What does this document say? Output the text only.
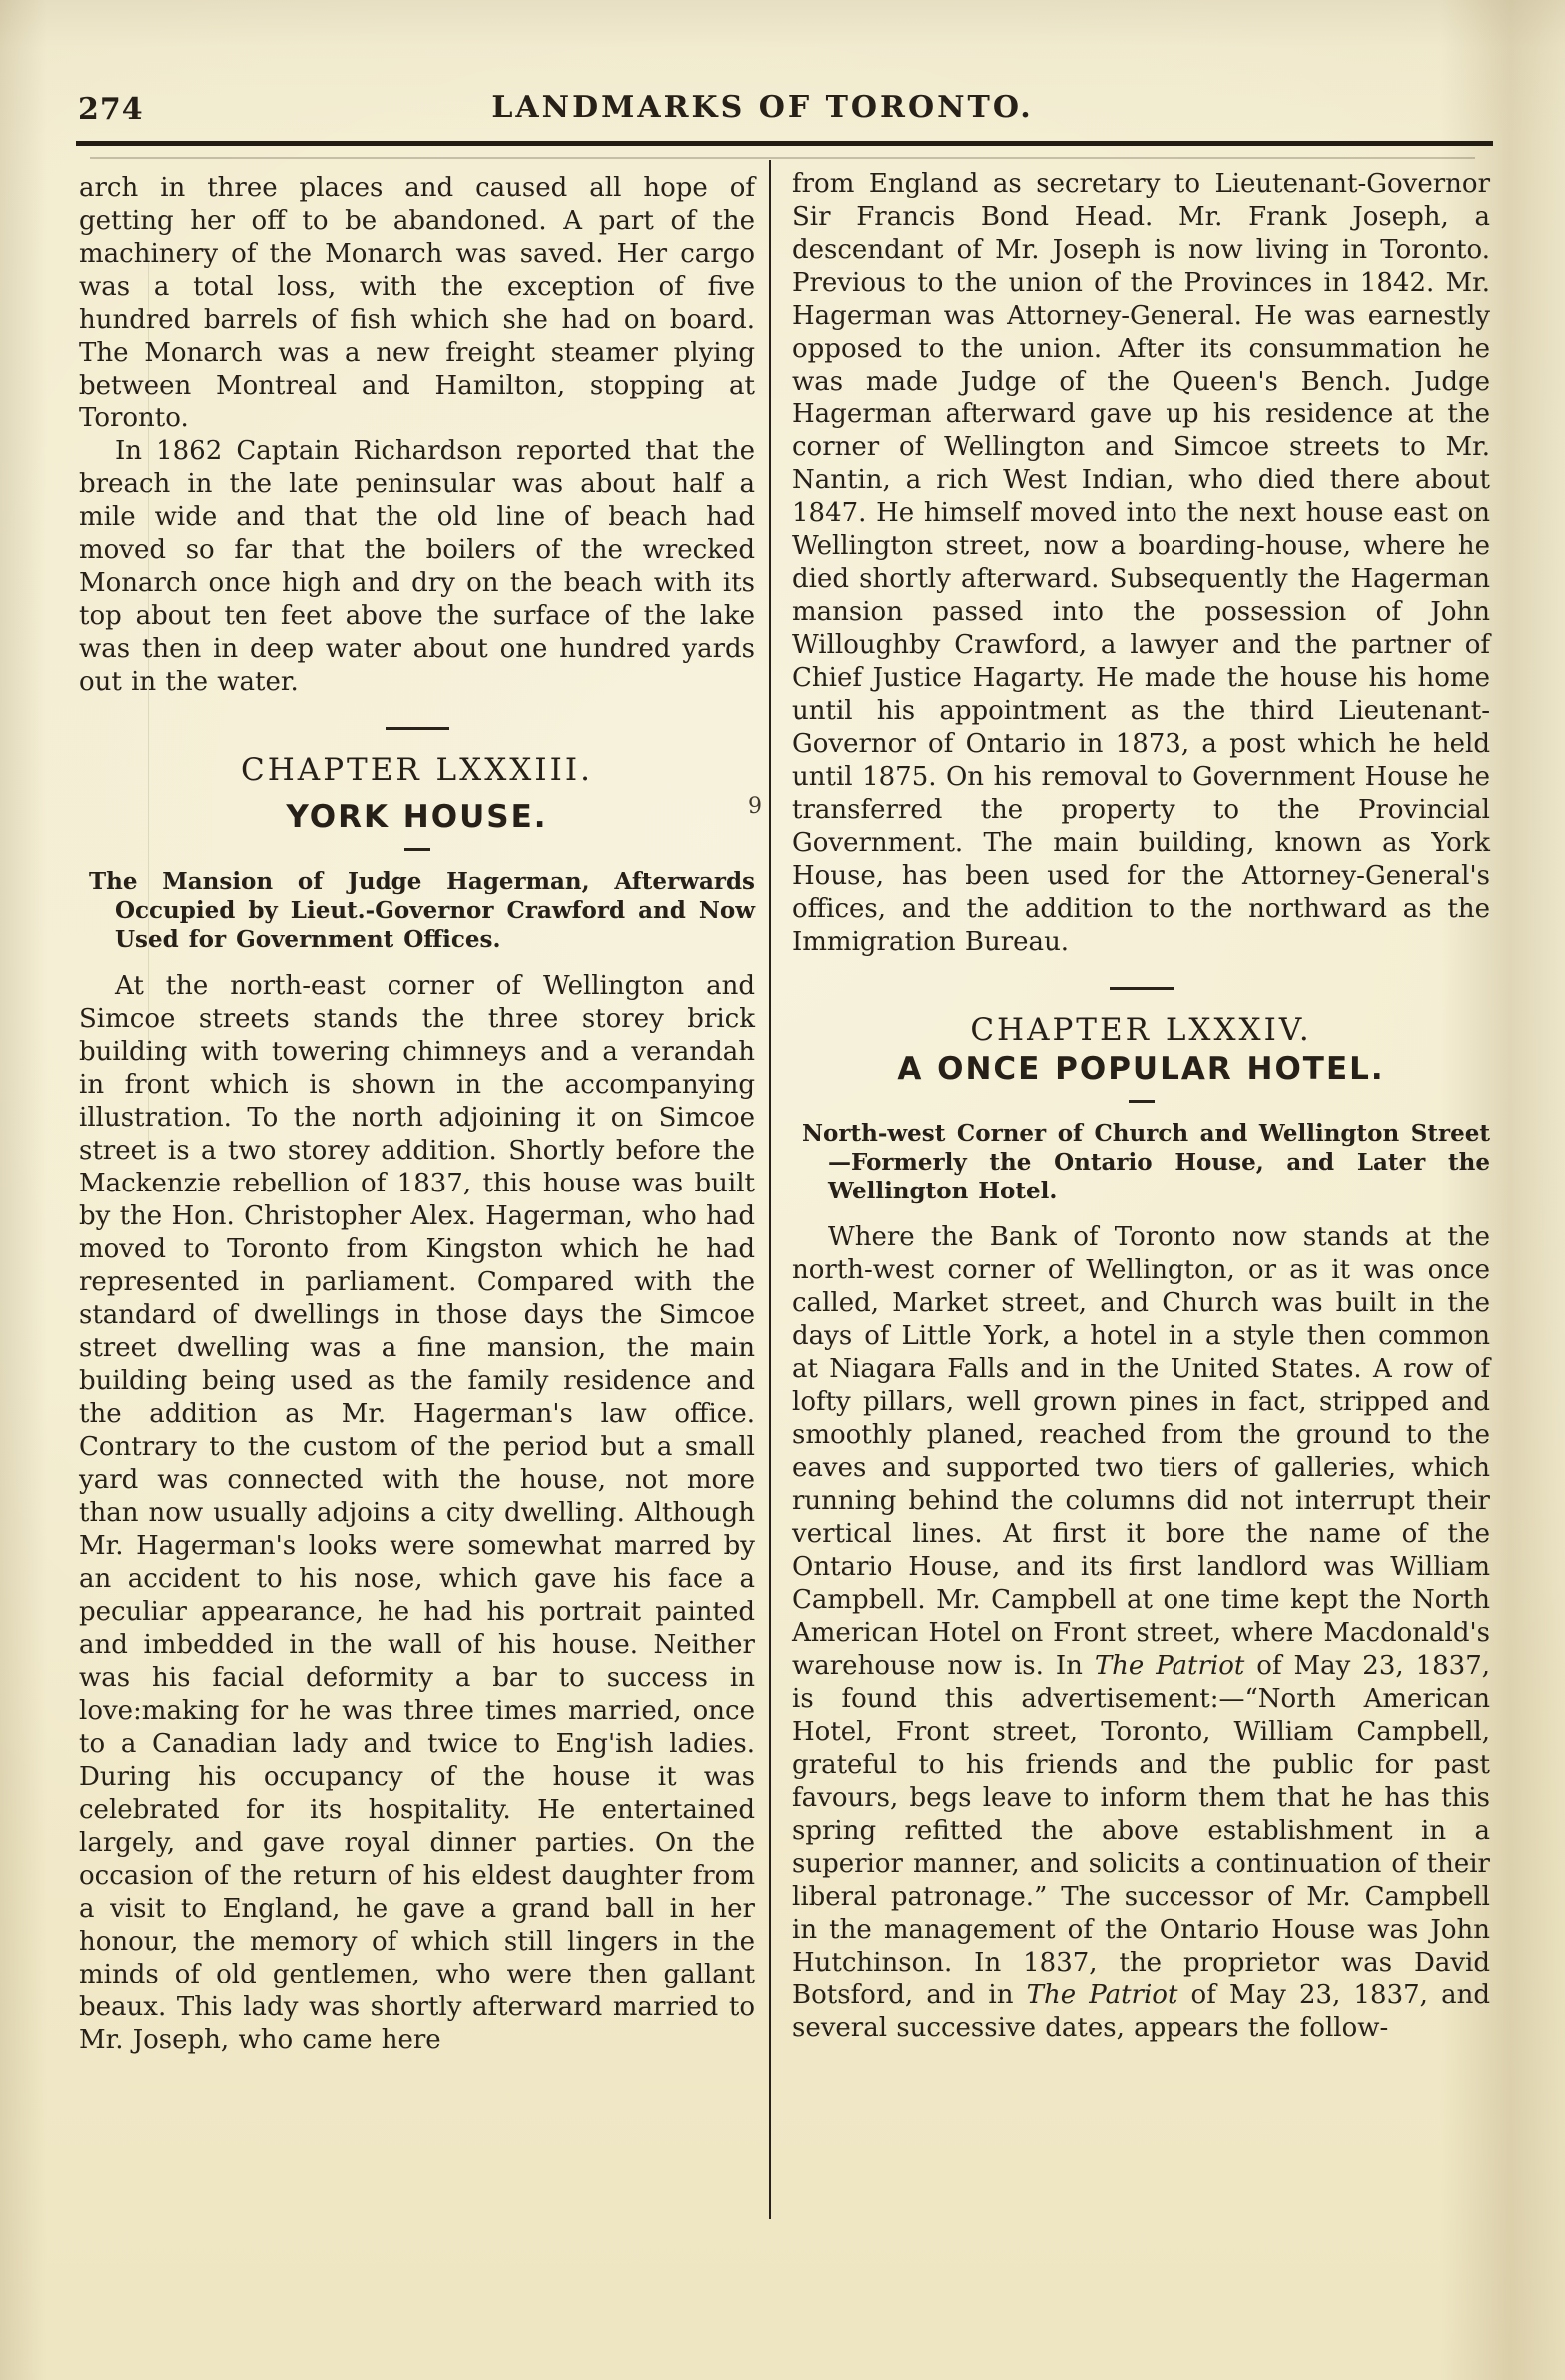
274	LANDMARKS OF TORONTO.
9

arch in three places and caused all hope of getting her off to be abandoned. A part of the machinery of the Monarch was saved. Her cargo was a total loss, with the exception of five hundred barrels of fish which she had on board. The Monarch was a new freight steamer plying between Montreal and Hamilton, stopping at Toronto.

In 1862 Captain Richardson reported that the breach in the late peninsular was about half a mile wide and that the old line of beach had moved so far that the boilers of the wrecked Monarch once high and dry on the beach with its top about ten feet above the surface of the lake was then in deep water about one hundred yards out in the water.

CHAPTER LXXXIII.

YORK HOUSE.

The Mansion of Judge Hagerman, Afterwards Occupied by Lieut.-Governor Crawford and Now Used for Government Offices.

At the north-east corner of Wellington and Simcoe streets stands the three storey brick building with towering chimneys and a verandah in front which is shown in the accompanying illustration. To the north adjoining it on Simcoe street is a two storey addition. Shortly before the Mackenzie rebellion of 1837, this house was built by the Hon. Christopher Alex. Hagerman, who had moved to Toronto from Kingston which he had represented in parliament. Compared with the standard of dwellings in those days the Simcoe street dwelling was a fine mansion, the main building being used as the family residence and the addition as Mr. Hagerman's law office. Contrary to the custom of the period but a small yard was connected with the house, not more than now usually adjoins a city dwelling. Although Mr. Hagerman's looks were somewhat marred by an accident to his nose, which gave his face a peculiar appearance, he had his portrait painted and imbedded in the wall of his house. Neither was his facial deformity a bar to success in love:making for he was three times married, once to a Canadian lady and twice to Eng'ish ladies. During his occupancy of the house it was celebrated for its hospitality. He entertained largely, and gave royal dinner parties. On the occasion of the return of his eldest daughter from a visit to England, he gave a grand ball in her honour, the memory of which still lingers in the minds of old gentlemen, who were then gallant beaux. This lady was shortly afterward married to Mr. Joseph, who came here

from England as secretary to Lieutenant-Governor Sir Francis Bond Head. Mr. Frank Joseph, a descendant of Mr. Joseph is now living in Toronto. Previous to the union of the Provinces in 1842. Mr. Hagerman was Attorney-General. He was earnestly opposed to the union. After its consummation he was made Judge of the Queen's Bench. Judge Hagerman afterward gave up his residence at the corner of Wellington and Simcoe streets to Mr. Nantin, a rich West Indian, who died there about 1847. He himself moved into the next house east on Wellington street, now a boarding-house, where he died shortly afterward. Subsequently the Hagerman mansion passed into the possession of John Willoughby Crawford, a lawyer and the partner of Chief Justice Hagarty. He made the house his home until his appointment as the third Lieutenant-Governor of Ontario in 1873, a post which he held until 1875. On his removal to Government House he transferred the property to the Provincial Government. The main building, known as York House, has been used for the Attorney-General's offices, and the addition to the northward as the Immigration Bureau.

CHAPTER LXXXIV.

A ONCE POPULAR HOTEL.

North-west Corner of Church and Wellington Street—Formerly the Ontario House, and Later the Wellington Hotel.

Where the Bank of Toronto now stands at the north-west corner of Wellington, or as it was once called, Market street, and Church was built in the days of Little York, a hotel in a style then common at Niagara Falls and in the United States. A row of lofty pillars, well grown pines in fact, stripped and smoothly planed, reached from the ground to the eaves and supported two tiers of galleries, which running behind the columns did not interrupt their vertical lines. At first it bore the name of the Ontario House, and its first landlord was William Campbell. Mr. Campbell at one time kept the North American Hotel on Front street, where Macdonald's warehouse now is. In The Patriot of May 23, 1837, is found this advertisement:—“North American Hotel, Front street, Toronto, William Campbell, grateful to his friends and the public for past favours, begs leave to inform them that he has this spring refitted the above establishment in a superior manner, and solicits a continuation of their liberal patronage.” The successor of Mr. Campbell in the management of the Ontario House was John Hutchinson. In 1837, the proprietor was David Botsford, and in The Patriot of May 23, 1837, and several successive dates, appears the follow-
